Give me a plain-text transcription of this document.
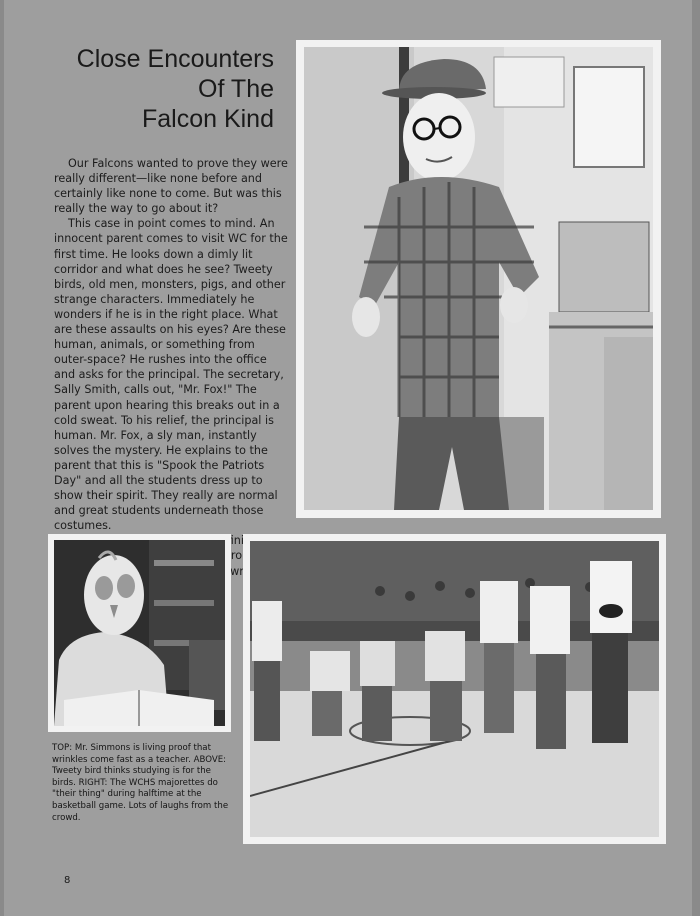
Close Encounters
Of The
Falcon Kind

Our Falcons wanted to prove they were really different—like none before and certainly like none to come. But was this really the way to go about it?

This case in point comes to mind. An innocent parent comes to visit WC for the first time. He looks down a dimly lit corridor and what does he see? Tweety birds, old men, monsters, pigs, and other strange characters. Immediately he wonders if he is in the right place. What are these assaults on his eyes? Are these human, animals, or something from outer-space? He rushes into the office and asks for the principal. The secretary, Sally Smith, calls out, "Mr. Fox!" The parent upon hearing this breaks out in a cold sweat. To his relief, the principal is human. Mr. Fox, a sly man, instantly solves the mystery. He explains to the parent that this is "Spook the Patriots Day" and all the students dress up to show their spirit. They really are normal and great students underneath those costumes.

definitely from own.

TOP: Mr. Simmons is living proof that wrinkles come fast as a teacher. ABOVE: Tweety bird thinks studying is for the birds. RIGHT: The WCHS majorettes do "their thing" during halftime at the basketball game. Lots of laughs from the crowd.
8
